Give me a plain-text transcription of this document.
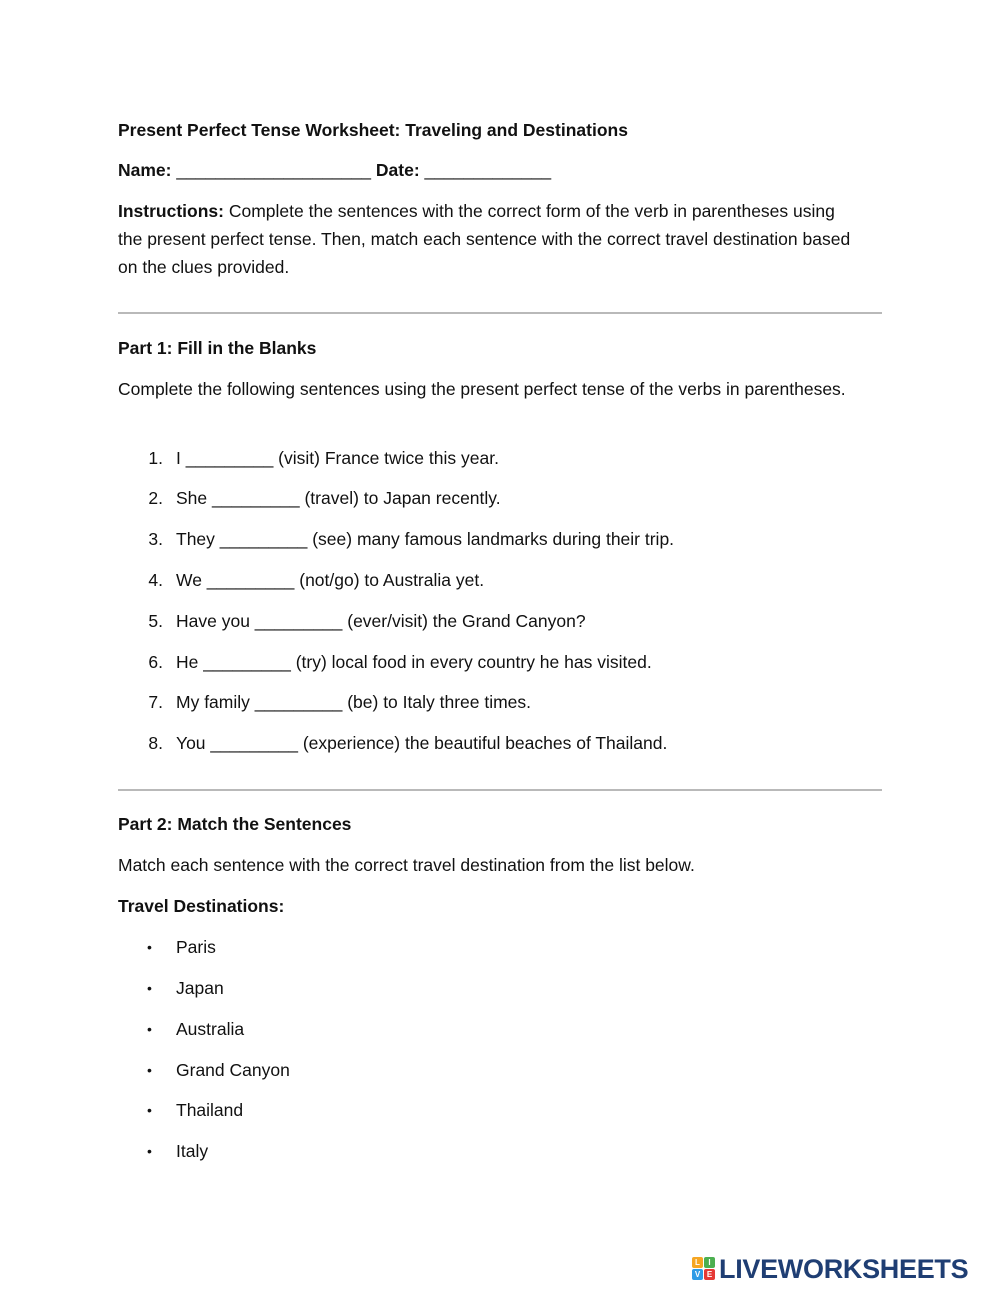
Present Perfect Tense Worksheet: Traveling and Destinations
Name: ____________________ Date: _____________
Instructions: Complete the sentences with the correct form of the verb in parentheses using the present perfect tense. Then, match each sentence with the correct travel destination based on the clues provided.
Part 1: Fill in the Blanks
Complete the following sentences using the present perfect tense of the verbs in parentheses.
1. I _________ (visit) France twice this year.
2. She _________ (travel) to Japan recently.
3. They _________ (see) many famous landmarks during their trip.
4. We _________ (not/go) to Australia yet.
5. Have you _________ (ever/visit) the Grand Canyon?
6. He _________ (try) local food in every country he has visited.
7. My family _________ (be) to Italy three times.
8. You _________ (experience) the beautiful beaches of Thailand.
Part 2: Match the Sentences
Match each sentence with the correct travel destination from the list below.
Travel Destinations:
• Paris
• Japan
• Australia
• Grand Canyon
• Thailand
• Italy
L	I
V E LIVEWORKSHEETS
